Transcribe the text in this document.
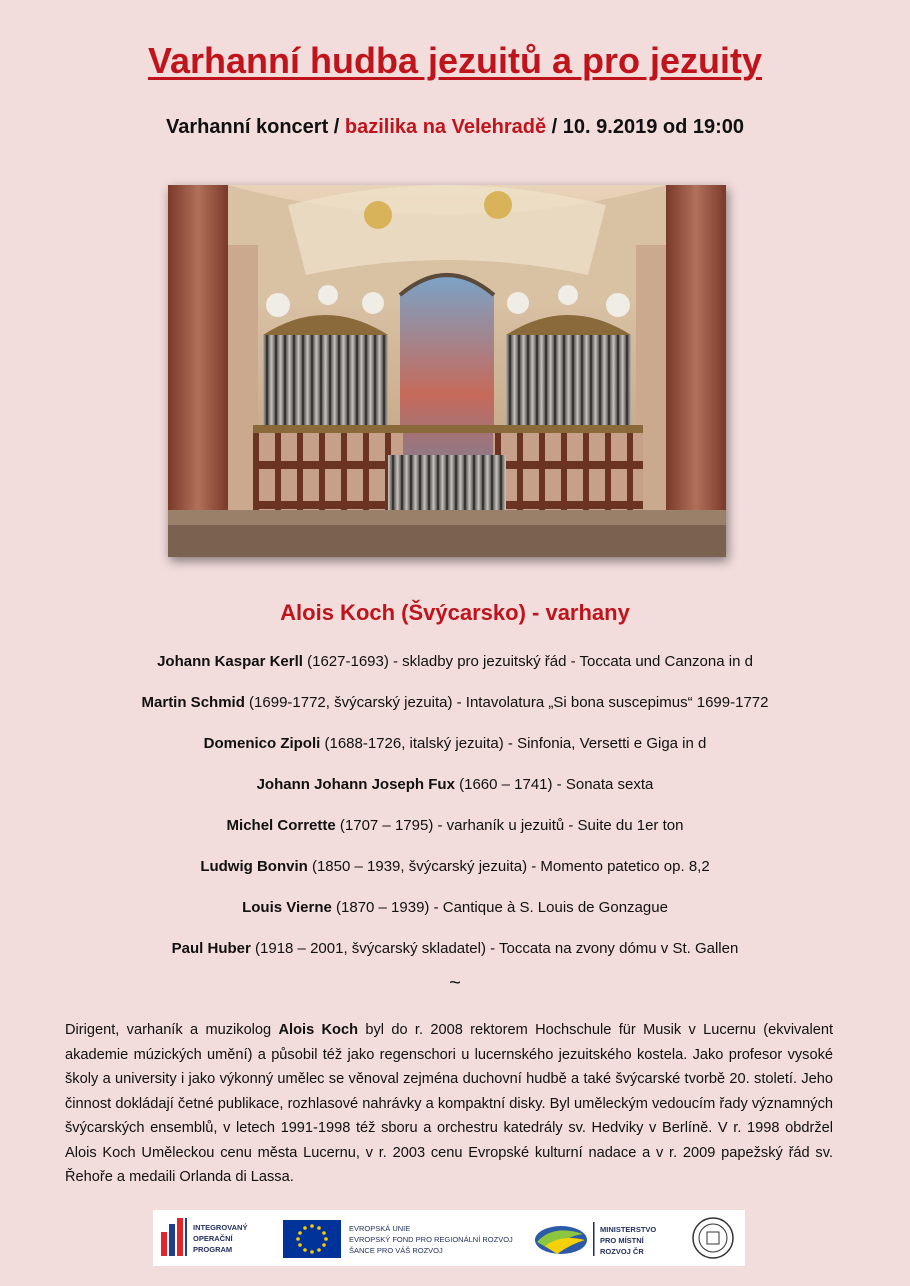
Varhanní hudba jezuitů a pro jezuity
Varhanní koncert / bazilika na Velehradě / 10. 9.2019 od 19:00
Alois Koch (Švýcarsko) - varhany
Johann Kaspar Kerll (1627-1693) - skladby pro jezuitský řád - Toccata und Canzona in d
Martin Schmid (1699-1772, švýcarský jezuita) - Intavolatura „Si bona suscepimus“ 1699-1772
Domenico Zipoli (1688-1726, italský jezuita) - Sinfonia, Versetti e Giga in d
Johann Johann Joseph Fux (1660 – 1741) - Sonata sexta
Michel Corrette (1707 – 1795) - varhaník u jezuitů - Suite du 1er ton
Ludwig Bonvin (1850 – 1939, švýcarský jezuita) - Momento patetico op. 8,2
Louis Vierne (1870 – 1939) - Cantique à S. Louis de Gonzague
Paul Huber (1918 – 2001, švýcarský skladatel) - Toccata na zvony dómu v St. Gallen
~
Dirigent, varhaník a muzikolog Alois Koch byl do r. 2008 rektorem Hochschule für Musik v Lucernu (ekvivalent akademie múzických umění) a působil též jako regenschori u lucernského jezuitského kostela. Jako profesor vysoké školy a university i jako výkonný umělec se věnoval zejména duchovní hudbě a také švýcarské tvorbě 20. století. Jeho činnost dokládají četné publikace, rozhlasové nahrávky a kompaktní disky. Byl uměleckým vedoucím řady významných švýcarských ensemblů, v letech 1991-1998 též sboru a orchestru katedrály sv. Hedviky v Berlíně. V r. 1998 obdržel Alois Koch Uměleckou cenu města Lucernu, v r. 2003 cenu Evropské kulturní nadace a v r. 2009 papežský řád sv. Řehoře a medaili Orlanda di Lassa.
INTEGROVANÝ
OPERAČNÍ
PROGRAM
EVROPSKÁ UNIE
EVROPSKÝ FOND PRO REGIONÁLNÍ ROZVOJ
ŠANCE PRO VÁŠ ROZVOJ
MINISTERSTVO
PRO MÍSTNÍ
ROZVOJ ČR
